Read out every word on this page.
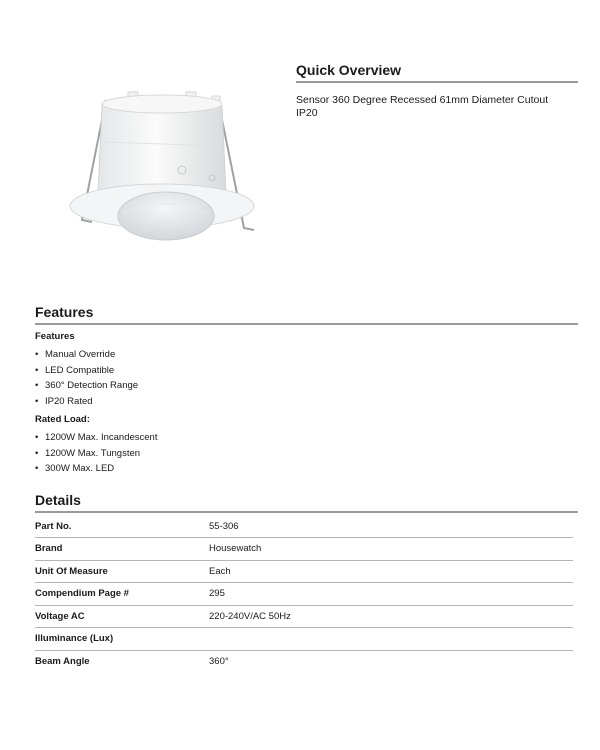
Quick Overview
Sensor 360 Degree Recessed 61mm Diameter Cutout IP20
Features
Features
• Manual Override
• LED Compatible
• 360° Detection Range
• IP20 Rated
Rated Load:
• 1200W Max. Incandescent
• 1200W Max. Tungsten
• 300W Max. LED
Details
Part No.	55-306
Brand	Housewatch
Unit Of Measure	Each
Compendium Page #	295
Voltage AC	220-240V/AC 50Hz
Illuminance (Lux)	
Beam Angle	360°
